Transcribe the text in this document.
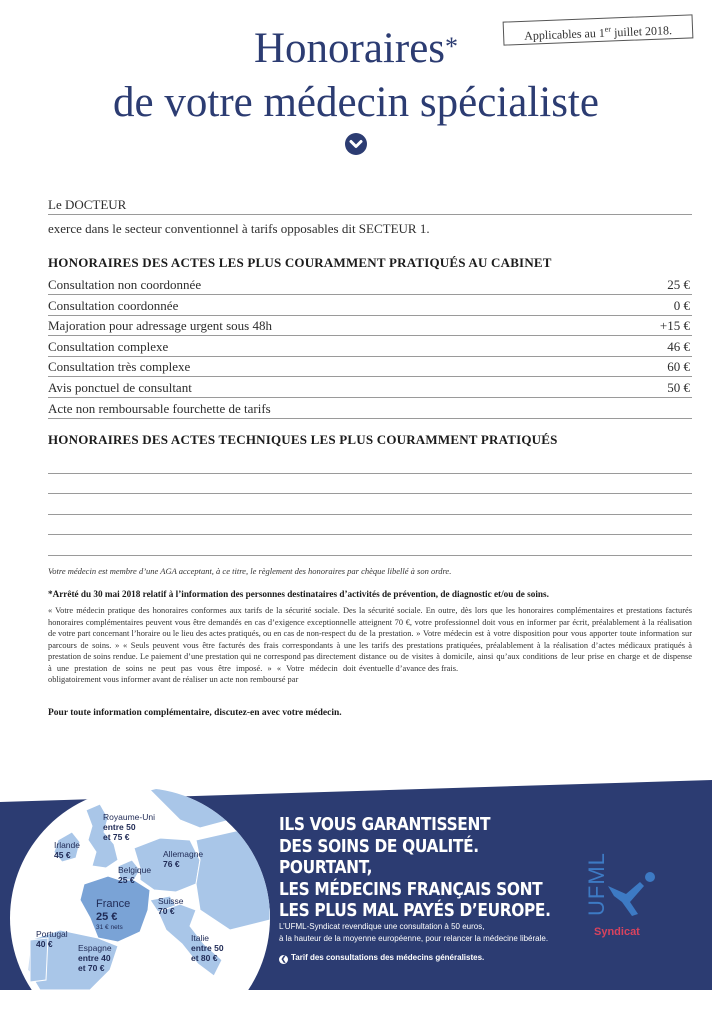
Applicables au 1er juillet 2018.
Honoraires*
de votre médecin spécialiste
Le DOCTEUR
exerce dans le secteur conventionnel à tarifs opposables dit SECTEUR 1.
HONORAIRES DES ACTES LES PLUS COURAMMENT PRATIQUÉS AU CABINET
Consultation non coordonnée	25 €
Consultation coordonnée	0 €
Majoration pour adressage urgent sous 48h	+15 €
Consultation complexe	46 €
Consultation très complexe	60 €
Avis ponctuel de consultant	50 €
Acte non remboursable fourchette de tarifs
HONORAIRES DES ACTES TECHNIQUES LES PLUS COURAMMENT PRATIQUÉS
Votre médecin est membre d’une AGA acceptant, à ce titre, le règlement des honoraires par chèque libellé à son ordre.
*Arrêté du 30 mai 2018 relatif à l’information des personnes destinataires d’activités de prévention, de diagnostic et/ou de soins.
« Votre médecin pratique des honoraires conformes aux tarifs de la sécurité sociale. Des honoraires complémentaires peuvent vous être demandés en cas d’exigence exceptionnelle de votre part concernant l’horaire ou le lieu des actes pratiqués, ou en cas de non-respect du parcours de soins. » « Seuls peuvent vous être facturés des frais correspondants à une prestation de soins rendue. Le paiement d’une prestation qui ne correspond pas directement à une prestation de soins ne peut pas vous être imposé. » « Votre médecin doit obligatoirement vous informer avant de réaliser un acte non remboursé par
la sécurité sociale. En outre, dès lors que les honoraires complémentaires et prestations facturés atteignent 70 €, votre professionnel doit vous en informer par écrit, préalablement à la réalisation de la prestation. » Votre médecin est à votre disposition pour vous apporter toute information sur les tarifs des prestations pratiquées, préalablement à la réalisation d’actes médicaux pratiqués à distance ou de visites à domicile, ainsi qu’aux conditions de leur prise en charge et de dispense éventuelle d’avance des frais.
Pour toute information complémentaire, discutez-en avec votre médecin.
Royaume-Uni
entre 50
et 75 €
Irlande
45 €	Allemagne
76 €
Belgique
25 €
France
25 €
31 € nets
Suisse
70 €
Portugal
40 €	Espagne
entre 40
et 70 €
Italie
entre 50
et 80 €
ILS VOUS GARANTISSENT
DES SOINS DE QUALITÉ. POURTANT,
LES MÉDECINS FRANÇAIS SONT
LES PLUS MAL PAYÉS D’EUROPE.
L’UFML-Syndicat revendique une consultation à 50 euros,
à la hauteur de la moyenne européenne, pour relancer la médecine libérale.
❮ Tarif des consultations des médecins généralistes.
UFML
Syndicat
